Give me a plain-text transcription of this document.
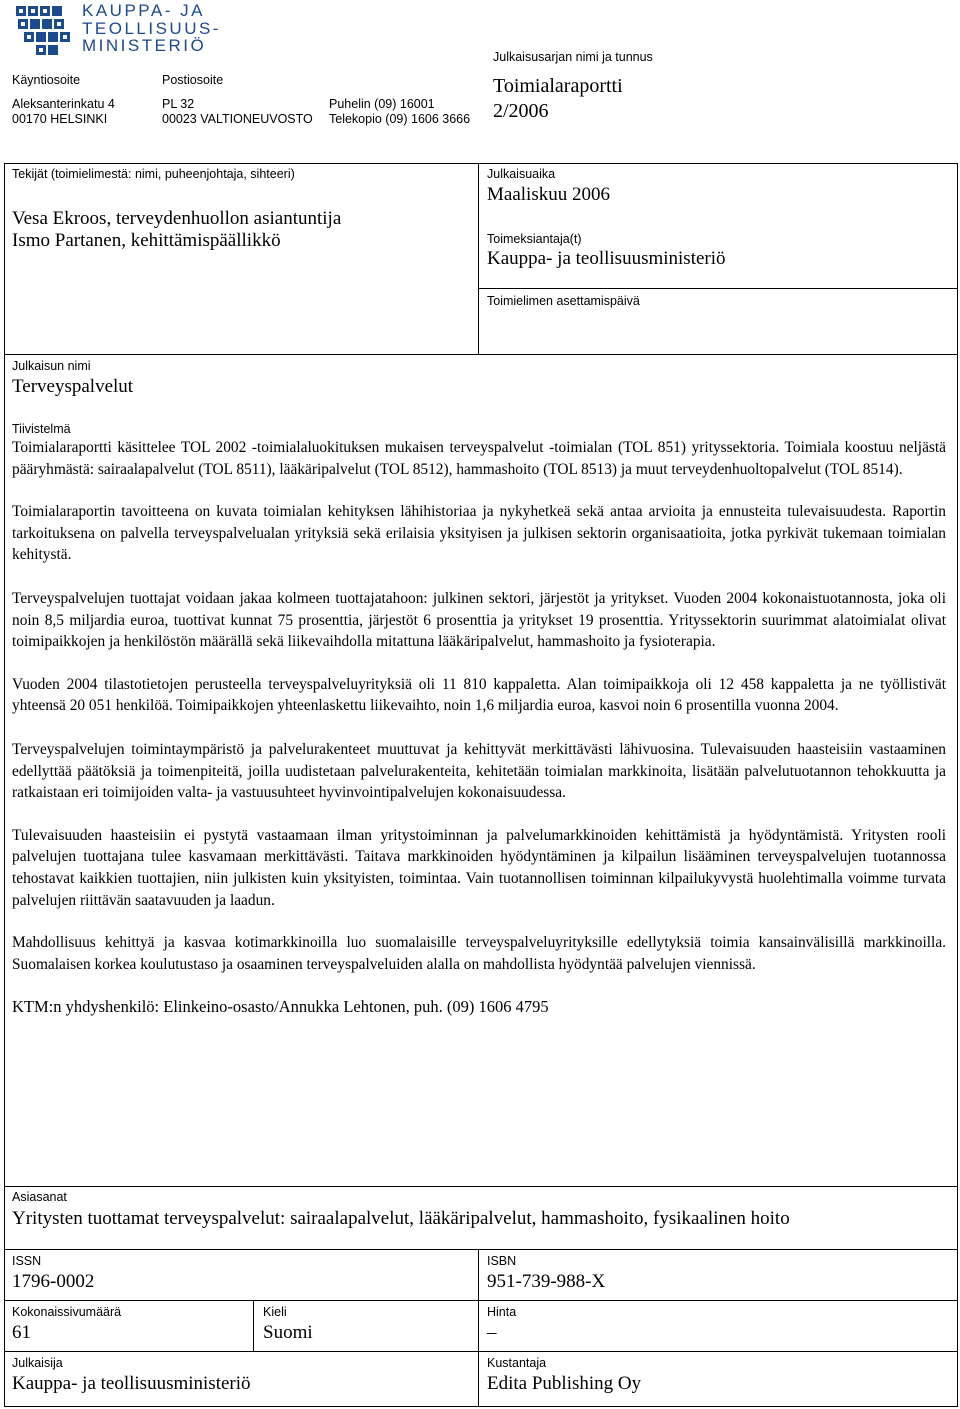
KAUPPA- JA
TEOLLISUUS-
MINISTERIÖ
Käyntiosoite	Postiosoite
Aleksanterinkatu 4
00170 HELSINKI
PL 32
00023 VALTIONEUVOSTO
Puhelin (09) 16001
Telekopio (09) 1606 3666
Julkaisusarjan nimi ja tunnus
Toimialaraportti
2/2006
Tekijät (toimielimestä: nimi, puheenjohtaja, sihteeri)
Vesa Ekroos, terveydenhuollon asiantuntija
Ismo Partanen, kehittämispäällikkö
Julkaisuaika
Maaliskuu 2006
Toimeksiantaja(t)
Kauppa- ja teollisuusministeriö
Toimielimen asettamispäivä
Julkaisun nimi
Terveyspalvelut
Tiivistelmä

Toimialaraportti käsittelee TOL 2002 -toimialaluokituksen mukaisen terveyspalvelut -toimialan (TOL 851) yrityssektoria. Toimiala koostuu neljästä pääryhmästä: sairaalapalvelut (TOL 8511), lääkäripalvelut (TOL 8512), hammashoito (TOL 8513) ja muut terveydenhuoltopalvelut (TOL 8514).

Toimialaraportin tavoitteena on kuvata toimialan kehityksen lähihistoriaa ja nykyhetkeä sekä antaa arvioita ja ennusteita tulevaisuudesta. Raportin tarkoituksena on palvella terveyspalvelualan yrityksiä sekä erilaisia yksityisen ja julkisen sektorin organisaatioita, jotka pyrkivät tukemaan toimialan kehitystä.

Terveyspalvelujen tuottajat voidaan jakaa kolmeen tuottajatahoon: julkinen sektori, järjestöt ja yritykset. Vuoden 2004 kokonaistuotannosta, joka oli noin 8,5 miljardia euroa, tuottivat kunnat 75 prosenttia, järjestöt 6 prosenttia ja yritykset 19 prosenttia. Yrityssektorin suurimmat alatoimialat olivat toimipaikkojen ja henkilöstön määrällä sekä liikevaihdolla mitattuna lääkäripalvelut, hammashoito ja fysioterapia.

Vuoden 2004 tilastotietojen perusteella terveyspalveluyrityksiä oli 11 810 kappaletta. Alan toimipaikkoja oli 12 458 kappaletta ja ne työllistivät yhteensä 20 051 henkilöä. Toimipaikkojen yhteenlaskettu liikevaihto, noin 1,6 miljardia euroa, kasvoi noin 6 prosentilla vuonna 2004.

Terveyspalvelujen toimintaympäristö ja palvelurakenteet muuttuvat ja kehittyvät merkittävästi lähivuosina. Tulevaisuuden haasteisiin vastaaminen edellyttää päätöksiä ja toimenpiteitä, joilla uudistetaan palvelurakenteita, kehitetään toimialan markkinoita, lisätään palvelutuotannon tehokkuutta ja ratkaistaan eri toimijoiden valta- ja vastuusuhteet hyvinvointipalvelujen kokonaisuudessa.

Tulevaisuuden haasteisiin ei pystytä vastaamaan ilman yritystoiminnan ja palvelumarkkinoiden kehittämistä ja hyödyntämistä. Yritysten rooli palvelujen tuottajana tulee kasvamaan merkittävästi. Taitava markkinoiden hyödyntäminen ja kilpailun lisääminen terveyspalvelujen tuotannossa tehostavat kaikkien tuottajien, niin julkisten kuin yksityisten, toimintaa. Vain tuotannollisen toiminnan kilpailukyvystä huolehtimalla voimme turvata palvelujen riittävän saatavuuden ja laadun.

Mahdollisuus kehittyä ja kasvaa kotimarkkinoilla luo suomalaisille terveyspalveluyrityksille edellytyksiä toimia kansainvälisillä markkinoilla. Suomalaisen korkea koulutustaso ja osaaminen terveyspalveluiden alalla on mahdollista hyödyntää palvelujen viennissä.

KTM:n yhdyshenkilö: Elinkeino-osasto/Annukka Lehtonen, puh. (09) 1606 4795

Asiasanat
Yritysten tuottamat terveyspalvelut: sairaalapalvelut, lääkäripalvelut, hammashoito, fysikaalinen hoito
ISSN
1796-0002
ISBN
951-739-988-X
Kokonaissivumäärä
61
Kieli
Suomi
Hinta
–
Julkaisija
Kauppa- ja teollisuusministeriö
Kustantaja
Edita Publishing Oy
